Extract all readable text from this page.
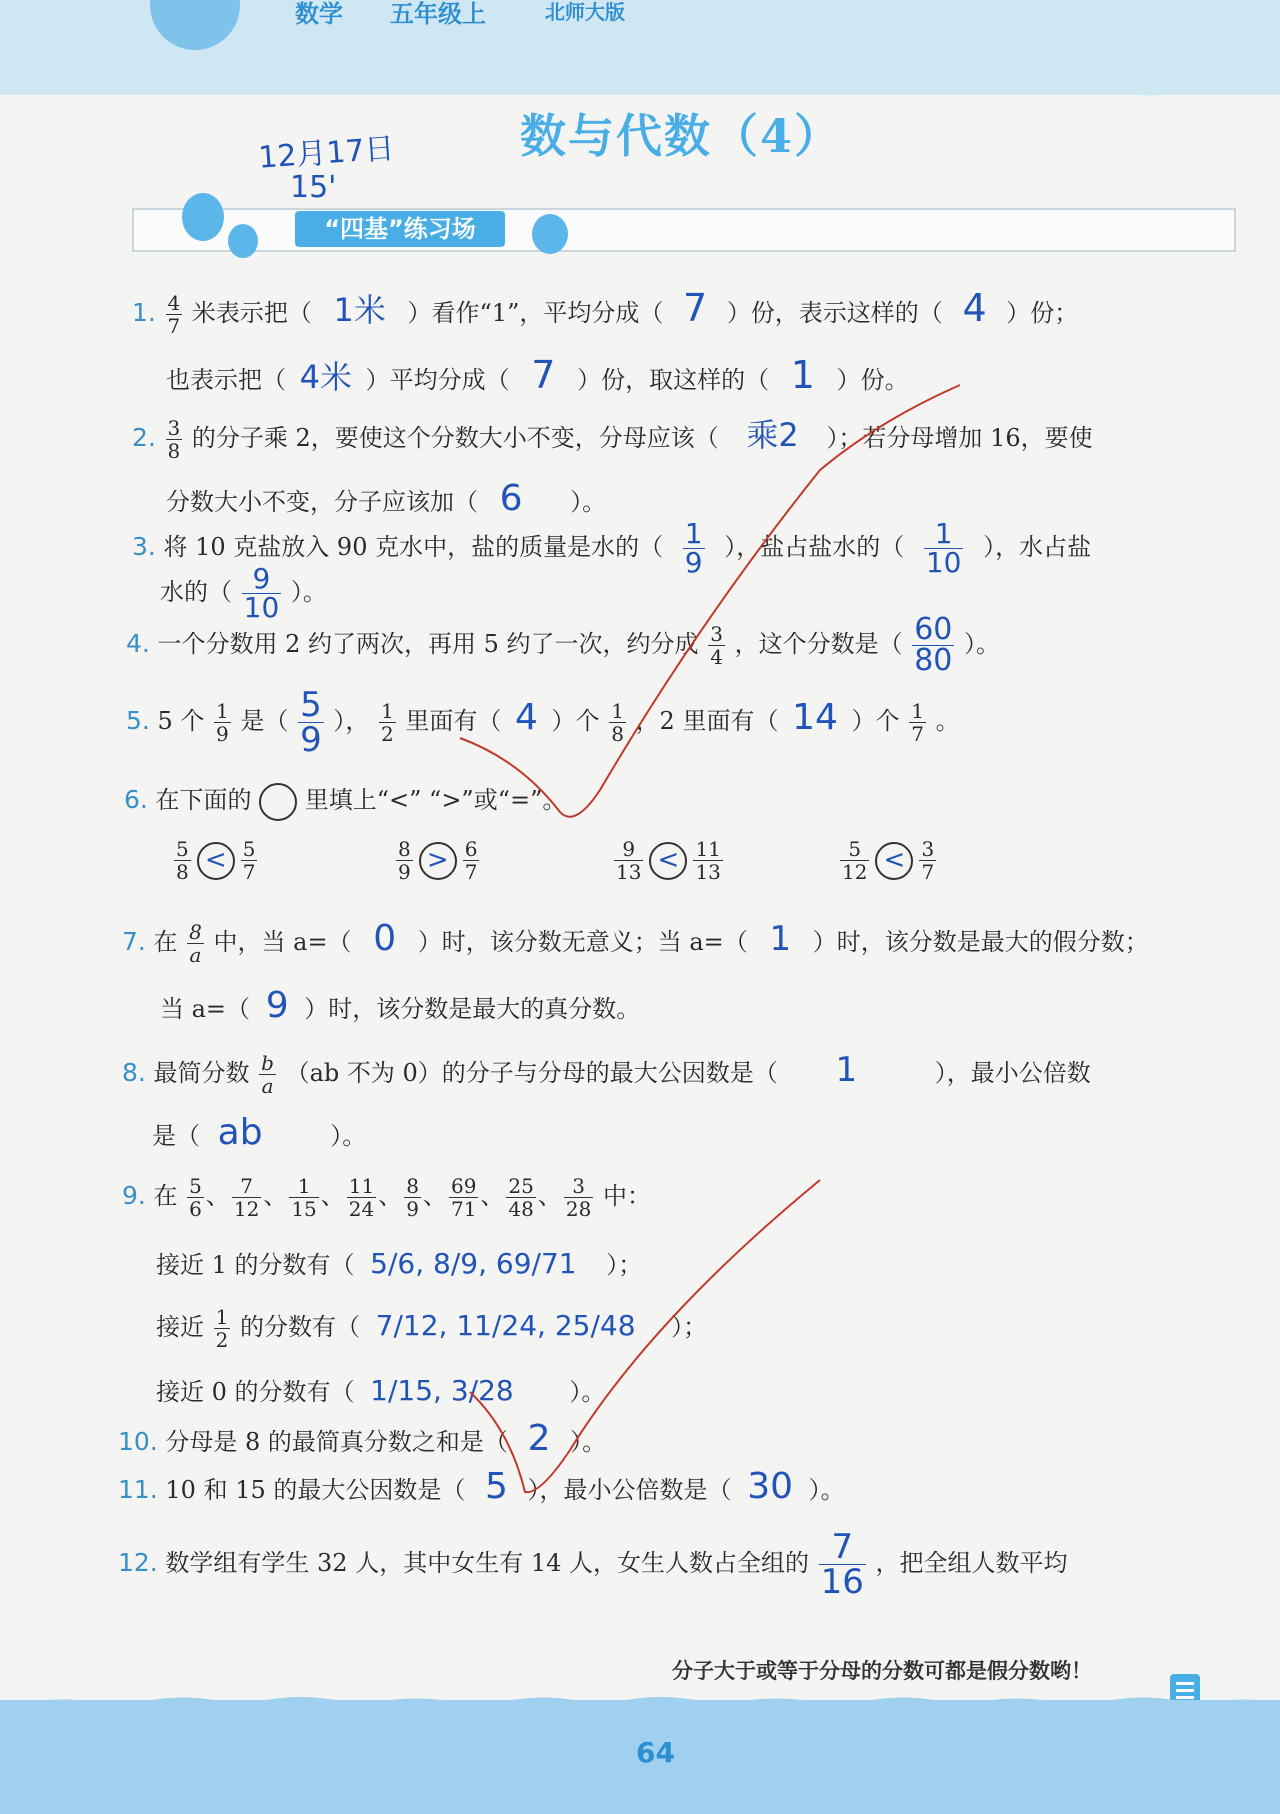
数学 五年级上	北师大版
数与代数（4）
12月17日
15'
“四基”练习场
1. $\frac{4}{7}$ 米表示把（ 1米 ）看作“1”，平均分成（ 7 ）份，表示这样的（ 4 ）份；
也表示把（ 4米 ）平均分成（ 7 ）份，取这样的（ 1 ）份。
2. $\frac{3}{8}$ 的分子乘 2，要使这个分数大小不变，分母应该（ 乘2 ）；若分母增加 16，要使
分数大小不变，分子应该加（ 6 ）。
3. 将 10 克盐放入 90 克水中，盐的质量是水的（ $\frac{1}{9}$ ），盐占盐水的（ $\frac{1}{10}$ ），水占盐
水的（ $\frac{9}{10}$ ）。
4. 一个分数用 2 约了两次，再用 5 约了一次，约分成 $\frac{3}{4}$ ，这个分数是（ $\frac{60}{80}$ ）。
5. 5 个 $\frac{1}{9}$ 是（ $\frac{5}{9}$ ）， $\frac{1}{2}$ 里面有（ 4 ）个 $\frac{1}{8}$ ，2 里面有（ 14 ）个 $\frac{1}{7}$ 。
6. 在下面的 里填上“<” “>”或“=”。
$\frac{5}{8} < \frac{5}{7}$	$\frac{8}{9} > \frac{6}{7}$	$\frac{9}{13} < \frac{11}{13}$	$\frac{5}{12} < \frac{3}{7}$
7. 在 $\frac{8}{a}$ 中，当 a=（ 0 ）时，该分数无意义；当 a=（ 1 ）时，该分数是最大的假分数；
当 a=（ 9 ）时，该分数是最大的真分数。
8. 最简分数 $\frac{b}{a} (ab$ 不为 0）的分子与分母的最大公因数是（ 1	），最小公倍数
是（ ab	）。
9. 在 $\frac{5}{6}$ 、 $\frac{7}{12}$ 、 $\frac{1}{15}$ 、 $\frac{11}{24}$ 、 $\frac{8}{9}$ 、 $\frac{69}{71}$ 、 $\frac{25}{48}$ 、 $\frac{3}{28}$ 中：
接近 1 的分数有（ 5/6, 8/9, 69/71 ）；
接近 $\frac{1}{2}$ 的分数有（ 7/12, 11/24, 25/48 ）；
接近 0 的分数有（ 1/15, 3/28 ）。
10. 分母是 8 的最简真分数之和是（ 2 ）。
11. 10 和 15 的最大公因数是（ 5 ），最小公倍数是（ 30 ）。
12. 数学组有学生 32 人，其中女生有 14 人，女生人数占全组的 $\frac{7}{16}$ ，把全组人数平均
分子大于或等于分母的分数可都是假分数哟！
64
